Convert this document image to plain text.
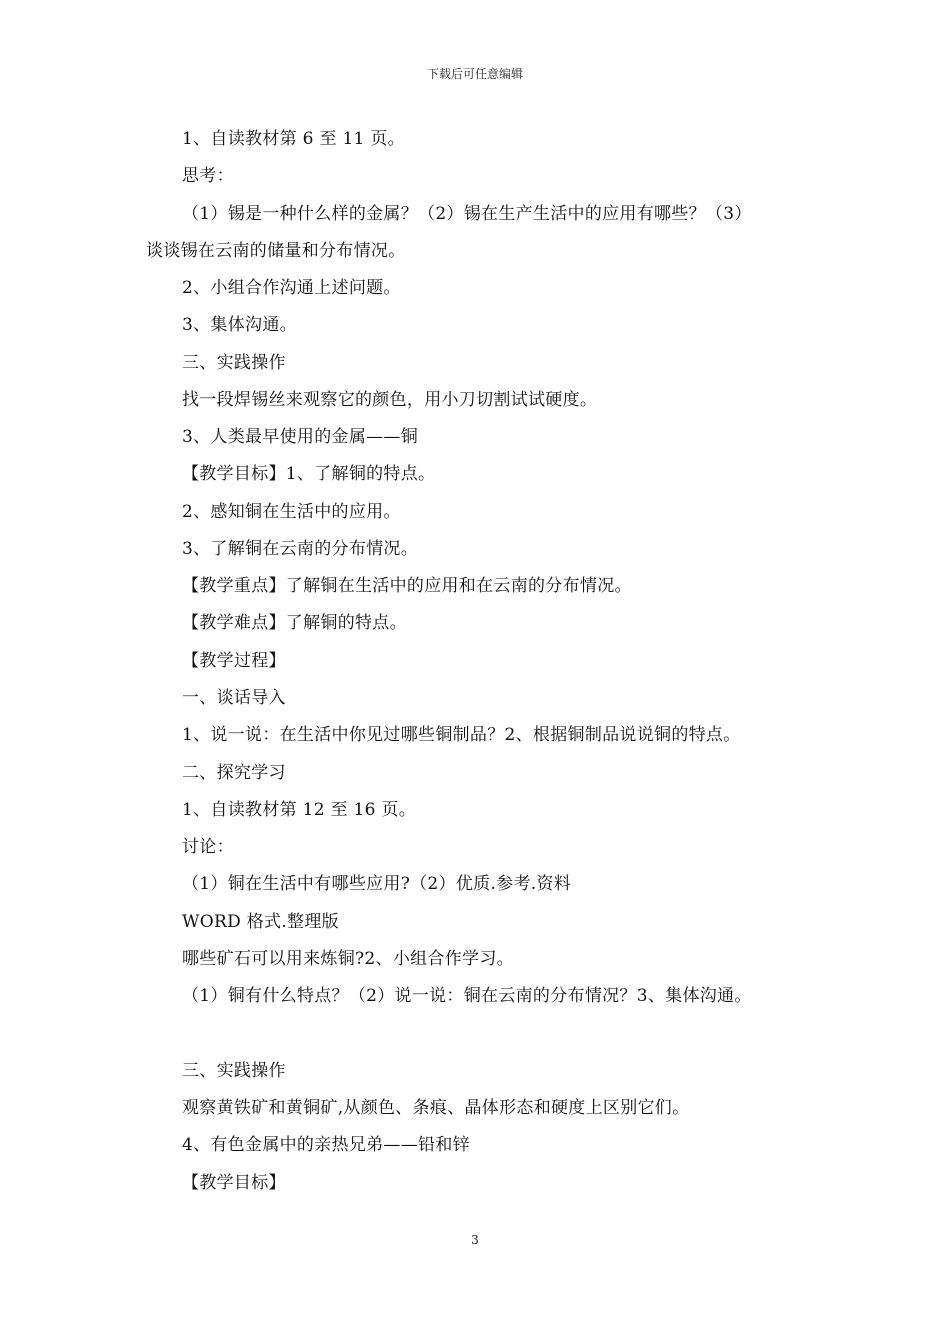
下载后可任意编辑
1、自读教材第 6 至 11 页。
思考：
（1）锡是一种什么样的金属？（2）锡在生产生活中的应用有哪些？（3）
谈谈锡在云南的储量和分布情况。
2、小组合作沟通上述问题。
3、集体沟通。
三、实践操作
找一段焊锡丝来观察它的颜色，用小刀切割试试硬度。
3、人类最早使用的金属——铜
【教学目标】1、了解铜的特点。
2、感知铜在生活中的应用。
3、了解铜在云南的分布情况。
【教学重点】了解铜在生活中的应用和在云南的分布情况。
【教学难点】了解铜的特点。
【教学过程】
一、谈话导入
1、说一说：在生活中你见过哪些铜制品？2、根据铜制品说说铜的特点。
二、探究学习
1、自读教材第 12 至 16 页。
讨论：
（1）铜在生活中有哪些应用?（2）优质.参考.资料
WORD 格式.整理版
哪些矿石可以用来炼铜?2、小组合作学习。
（1）铜有什么特点？（2）说一说：铜在云南的分布情况？3、集体沟通。
三、实践操作
观察黄铁矿和黄铜矿,从颜色、条痕、晶体形态和硬度上区别它们。
4、有色金属中的亲热兄弟——铅和锌
【教学目标】
3
